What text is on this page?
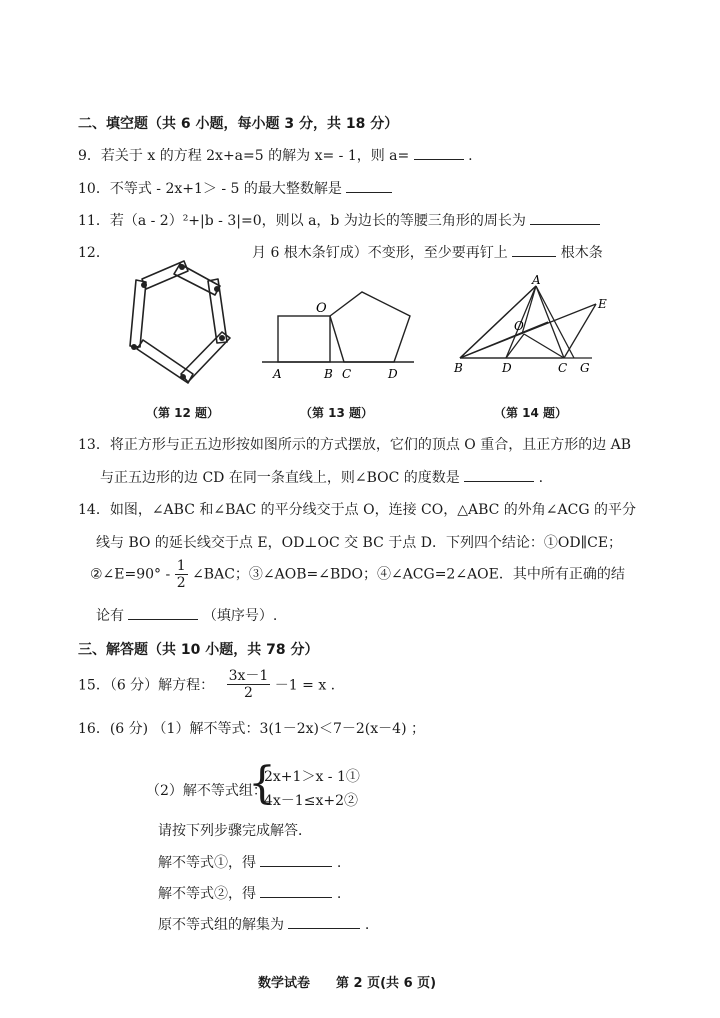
二、填空题（共 6 小题，每小题 3 分，共 18 分）
9．若关于 x 的方程 2x+a=5 的解为 x= - 1，则 a=	.
10．不等式 - 2x+1＞ - 5 的最大整数解是
11．若（a - 2）²+|b - 3|=0，则以 a，b 为边长的等腰三角形的周长为
12．	月 6 根木条钉成）不变形，至少要再钉上	根木条
O
A	B C	D
A
E
O
B	D	C G
（第 12 题）	（第 13 题）	（第 14 题）
13．将正方形与正五边形按如图所示的方式摆放，它们的顶点 O 重合，且正方形的边 AB
与正五边形的边 CD 在同一条直线上，则∠BOC 的度数是	.
14．如图，∠ABC 和∠BAC 的平分线交于点 O，连接 CO，△ABC 的外角∠ACG 的平分
线与 BO 的延长线交于点 E，OD⊥OC 交 BC 于点 D．下列四个结论：①OD∥CE；
②∠E=90° - $\frac{1}{2}$ ∠BAC；③∠AOB=∠BDO；④∠ACG=2∠AOE．其中所有正确的结
论有	（填序号）.
三、解答题（共 10 小题，共 78 分）
15．（6 分）解方程： $\frac{3x-1}{2} -1 = x$ .
16．(6 分) （1）解不等式：3(1－2x)＜7－2(x－4) ；
（2）解不等式组：
{
2x+1＞x - 1①
4x－1≤x+2②
请按下列步骤完成解答．
解不等式①，得	.
解不等式②，得	.
原不等式组的解集为	.
数学试卷　　第 2 页(共 6 页)
